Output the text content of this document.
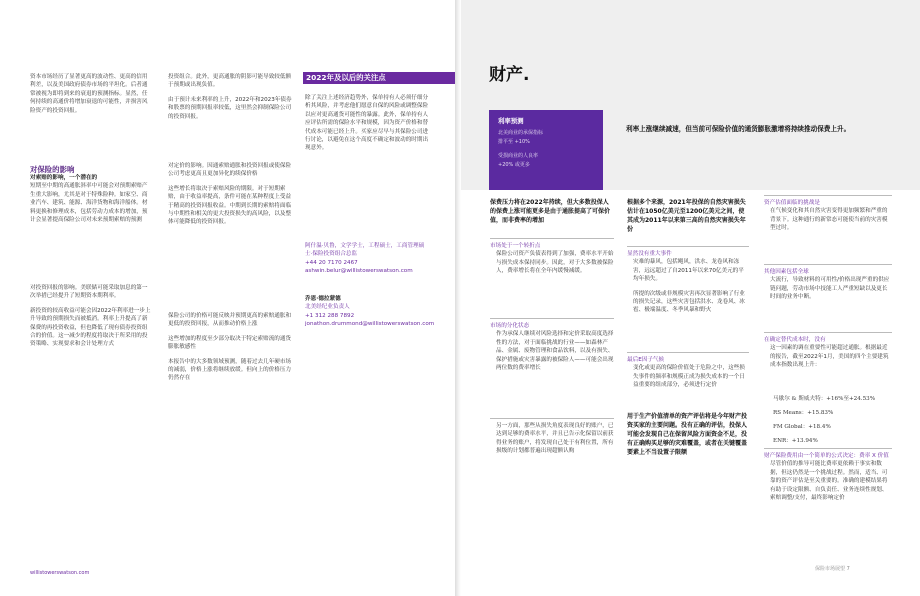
资本市场经历了显著更高的波动性、更高的信用利差，以及美国政府债券市场的平坦化。后者通常被视为即将到来的衰退的预测指标。显然，任何持续的高通价将增加衰退的可能性，并损害风险资产的投资回报。

对保险的影响
对索赔的影响，一个潜在的

短期至中期的高通胀斜率中可能会对预期索赔产生重大影响，尤其是对于特殊险种。如家空、商业汽车、建筑、能源、海洋货物和海洋船体。材料更换和修理成本，包括劳动力成本的增加，预计会显著提高保险公司对未来预期索赔的预测

对投资回报的影响。美联储可能采取加息的第一次举措已经提升了短期资本期利率。

新投资的较高收益可能会因2022年利率进一步上升导致的预期损失而被抵消。利率上升提高了新保费的再投资收益，但也降低了现有债券投资组合的价值。这一减少的程度将取决于所采用的投资策略、实现要求和会计处理方式

投资组合。此外，更高通胀的阴影可能导致较低额于预期或出现负值。

由于预计未来利率的上升，2022年和2023年债券和股票的预期回报率较低，这里然会抑制保险公司的投资回报。

对定价的影响。因通索赔通胀和投资回报或使保险公司考虑更高且更加异化的续保价格

这些增长将取决于索赔风险的期限。对于短期索赔，由于收益率提高，条件可能在某种程度上受益于精高的投资回报收益。中期到长期的索赔将面临与中期性和相关的更大投资损失的高风险，以及整体可能降低的投资回报。

保险公司的价格可能反映并预期更高的索赔通胀和更低的投资回报，从而推动价格上涨

这些增加的程度至少部分取决于特定索赔流的通货膨胀敏感性

本报告中的大多数领域预测，随着过去几年硬市场的减弱，价格上涨将继续放缓。但向上的价格压力仍然存在

2022年及以后的关注点

除了关注上述经济趋势外，保单持有人必须仔细分析其风险，并考虑他们愿意自保的风险或调整保险以应对更高通货可能性的暴露。此外，保单持有人应评估所需的保险水平和规模，因为资产价格和替代成本可能已经上升。买家应尽早与其保险公司进行讨论，以避免在这个高度不确定和波动的时期出现意外。

阿什温·贝鲁，文学学士，工程硕士，工商管理硕士·保险投资组合总监
+44 20 7170 2467 ashwin.belur@willistowerswatson.com
乔恩·德拉蒙德
北美经纪业负责人
+1 312 288 7892 jonathon.drummond@willistowerswatson.com
willistowerswatson.com
财产.
利率预测
北美商业的承保指标
排平至 +10%
受损商业的人良率
+20% 或更多
利率上涨继续减速，但当前可保险价值的通货膨胀激增将持续推动保费上升。
保费压力将在2022年持续，但大多数投保人的保费上涨可能更多是由于通胀提高了可保价值，而非费率的增加
市场处于一个转折点
保险公司资产负债表得到了加强，费率水平开始与损失成本保持同步。因此，对于大多数被保险人，费率增长将在全年内缓慢减缓。
市场的分化状态
作为承保人继续对风险选择和定价采取高度选择性的方法，对于面临挑战的行业——如森林产品、金属、废物管理和食品饮料，以及有损失、保护措施或灾害暴露的被保险人——可能会出现两位数的费率增长
另一方面，那些从损失角度表现良好的账户，已达到足够的费率水平，并且已告示化保留以前获得业务的账户，将发现自己处于有利位置，所有损级的计划都普遍出现超额认购
根据多个来源，2021年投保的自然灾害损失估计在1050亿美元至1200亿美元之间，使其成为2011年以来第三高的自然灾害损失年份
显然没有重大事件
灾难的暴风，包括飓风，洪水、龙卷风和冻害，远远超过了自2011年以来70亿美元的平均年损失。
所提的次级或非规模灾害再次显著影响了行业的损失记录，这些灾害包括洪水、龙卷风、冰雹、极端温度、冬季风暴和野火
最后E因子气候
变化或更高的保险价值处于危险之中，这些损失事件的频率和规模正成为损失成本的一个日益重要的组成部分，必须进行定价
用于生产价值清单的资产评估将是今年财产投资买家的主要问题。没有正确的评估，投保人可能会发现自己在保留风险方面资金不足，没有正确购买足够的灾难覆盖，或者在关键覆盖要素上不当设置子限额
资产估值面临的挑战是
在气候变化和其自然灾害变得更加频繁和严重的背景下。这种通行的新常态可能使当前的灾害模型过时。
其他因素包括全球
大流行，导致材料的可用性/价格出现严重的供应链问题，劳动市场中技能工人严重短缺以及更长时间的业务中断。
在确定替代成本时，没有
这一因素的调在重要性可能超过通胀。根据最近的报告，截至2022年1月，美国的四个主要建筑成本指数出现上升：
马歇尔 & 斯威夫特：+16%至+24.53%
RS Means：+15.83%
FM Global：+18.4%
ENR：+13.94%
财产保险费用由一个简单的公式决定：费率 X 价值
尽管价值的推导可能比费率更依赖于事实和数据，但这仍然是一个挑战过程。然而，适当、可靠的资产评估是至关重要的。准确的建模结果将有助于设定限额、自负责任、业务连续性规划、索赔调整/支付，最终影响定价
保险市场展望 7
